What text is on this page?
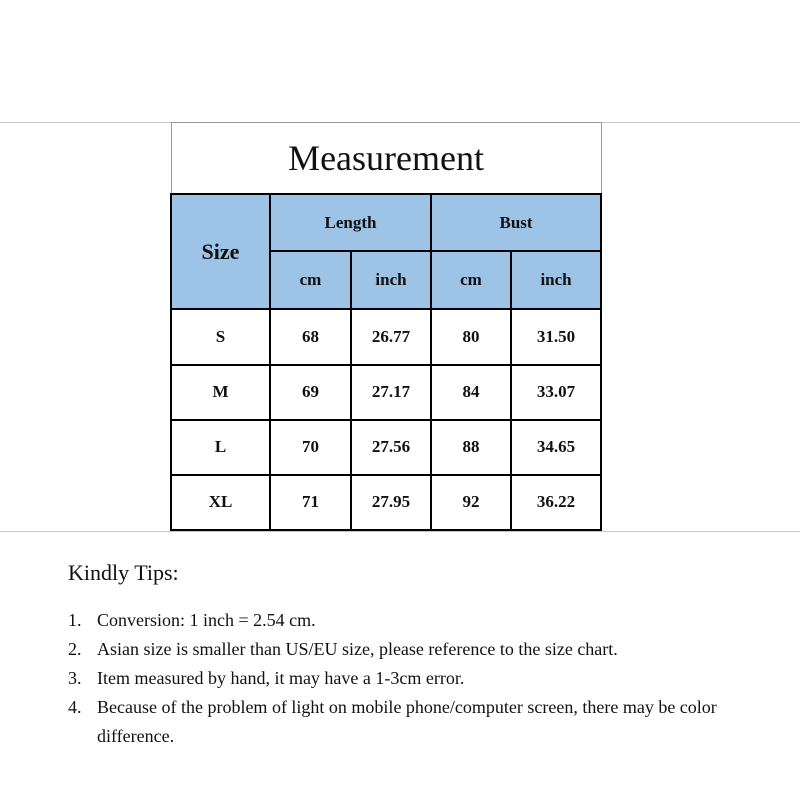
Measurement				
Size	Length		Bust	
	cm	inch	cm	inch
S	68	26.77	80	31.50
M	69	27.17	84	33.07
L	70	27.56	88	34.65
XL	71	27.95	92	36.22

Kindly Tips:

1. Conversion: 1 inch = 2.54 cm.
2. Asian size is smaller than US/EU size, please reference to the size chart.
3. Item measured by hand, it may have a 1-3cm error.
4. Because of the problem of light on mobile phone/computer screen, there may be color difference.
